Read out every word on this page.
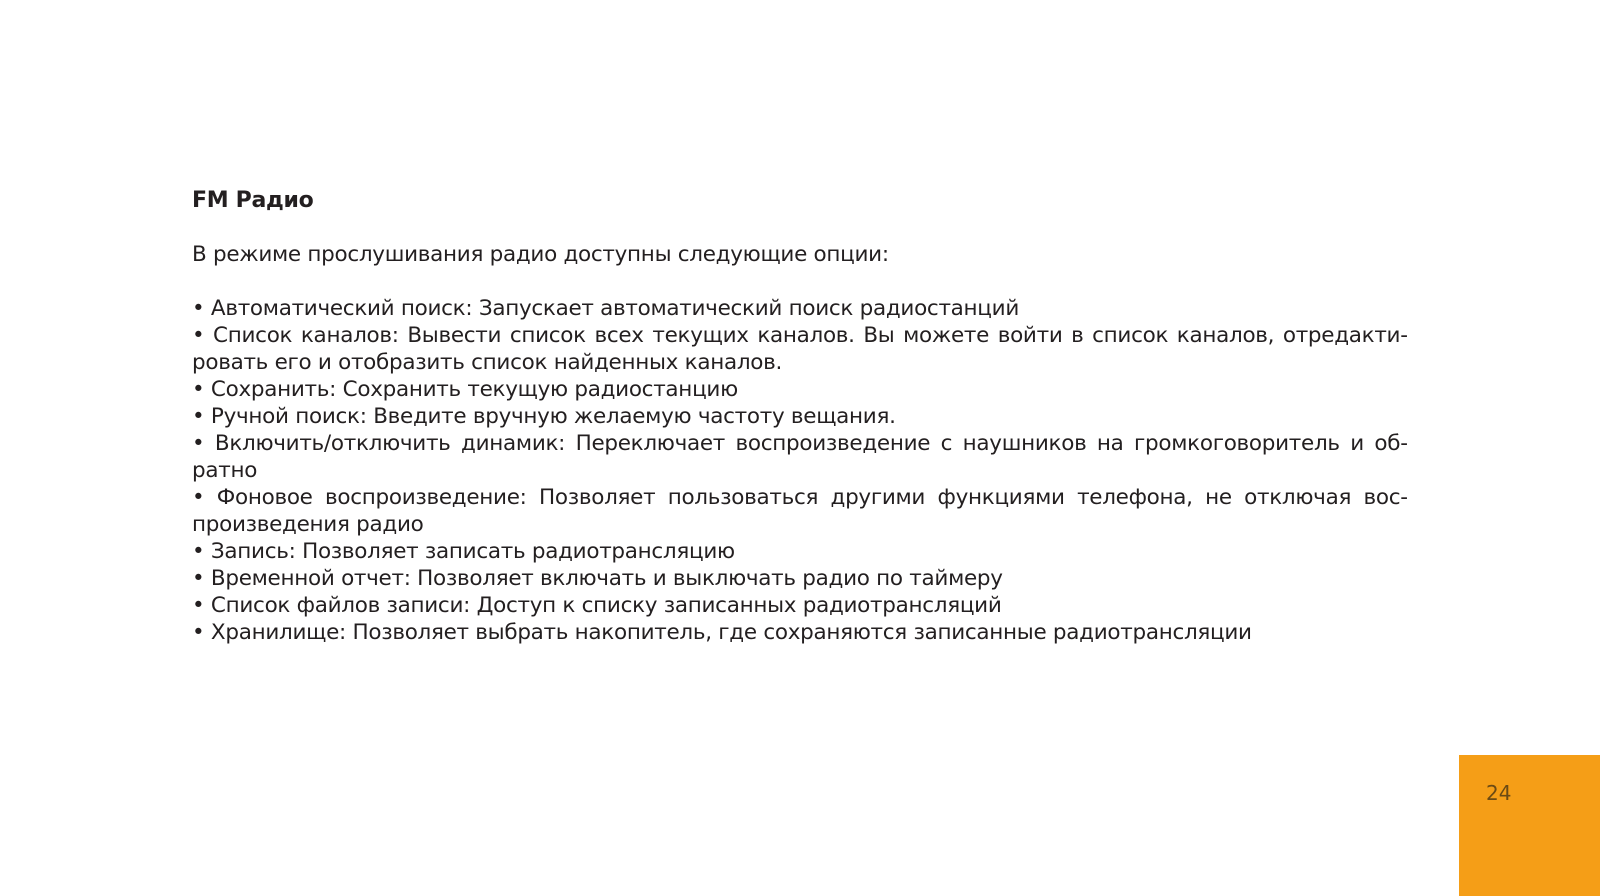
FM Радио

В режиме прослушивания радио доступны следующие опции:

• Автоматический поиск: Запускает автоматический поиск радиостанций
• Список каналов: Вывести список всех текущих каналов. Вы можете войти в список каналов, отредактировать его и отобразить список найденных каналов.
• Сохранить: Сохранить текущую радиостанцию
• Ручной поиск: Введите вручную желаемую частоту вещания.
• Включить/отключить динамик: Переключает воспроизведение с наушников на громкоговоритель и обратно
• Фоновое воспроизведение: Позволяет пользоваться другими функциями телефона, не отключая воспроизведения радио
• Запись: Позволяет записать радиотрансляцию
• Временной отчет: Позволяет включать и выключать радио по таймеру
• Список файлов записи: Доступ к списку записанных радиотрансляций
• Хранилище: Позволяет выбрать накопитель, где сохраняются записанные радиотрансляции
24
